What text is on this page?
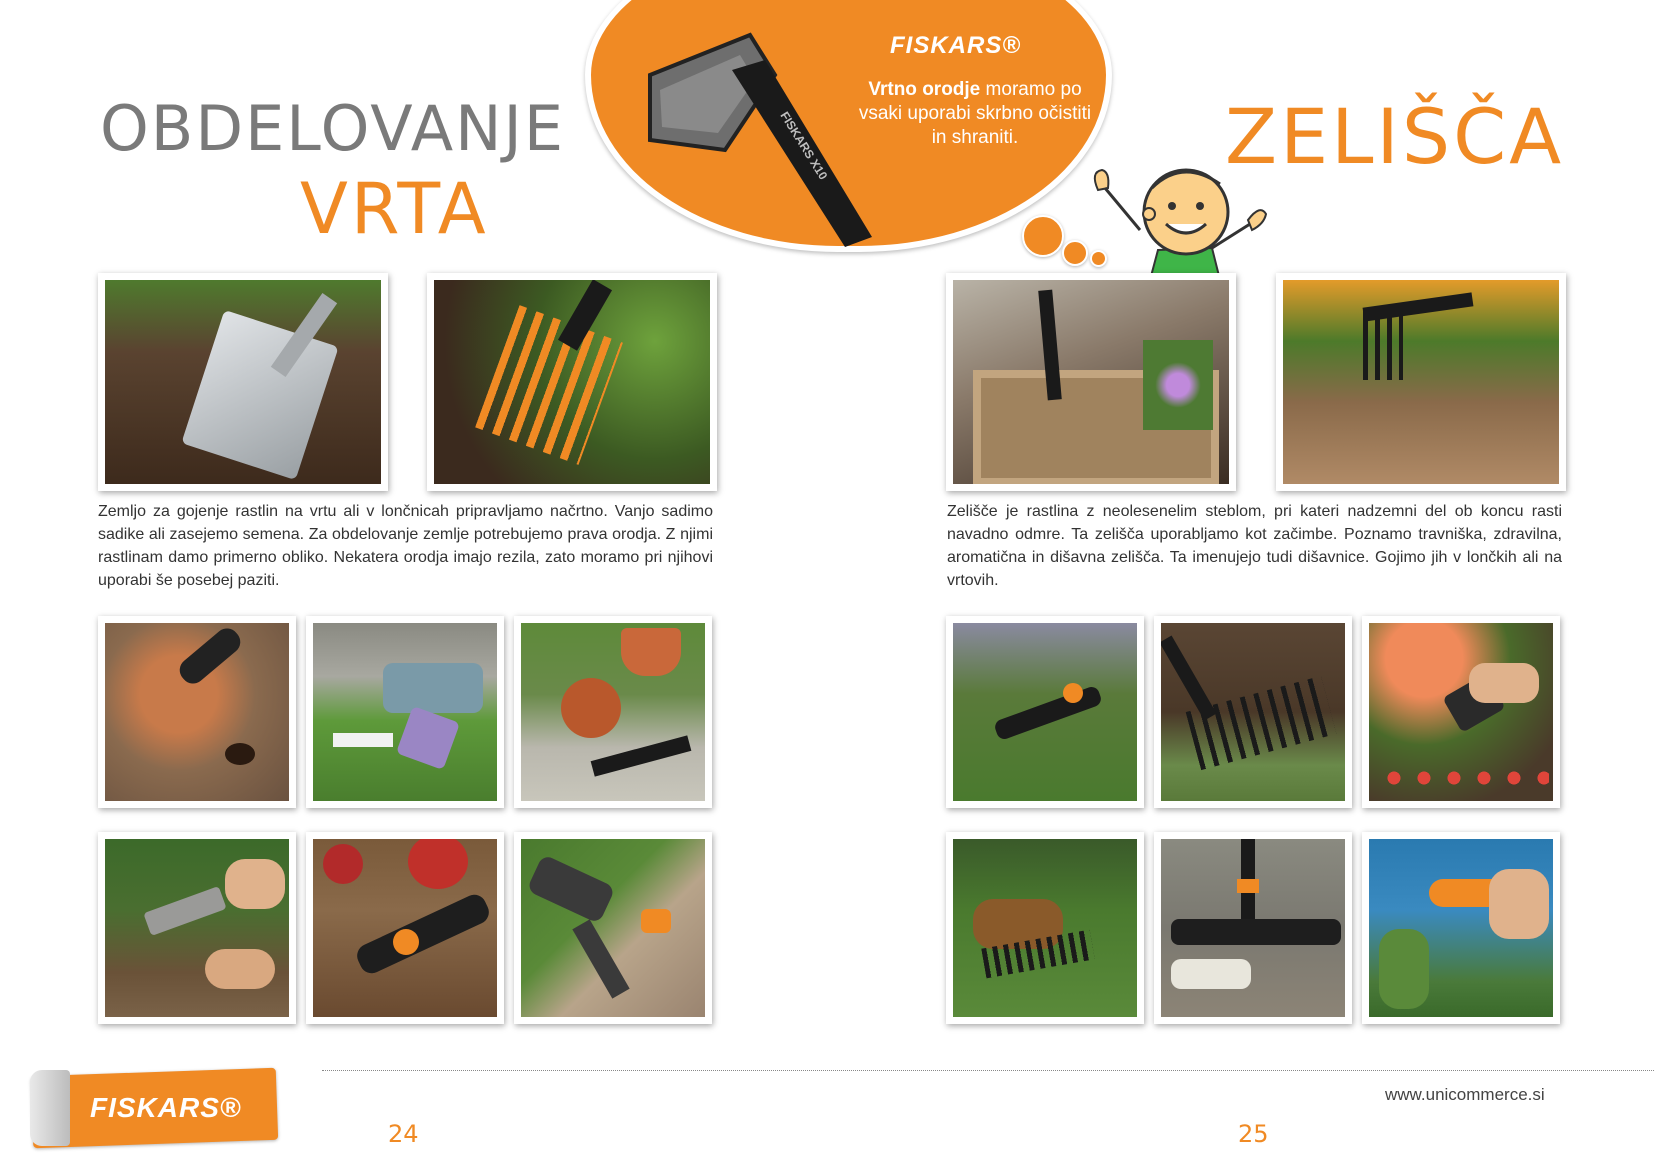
OBDELOVANJE
VRTA
ZELIŠČA
FISKARS X10
FISKARS®
Vrtno orodje moramo po vsaki uporabi skrbno očistiti in shraniti.
Zemljo za gojenje rastlin na vrtu ali v lončnicah pripravljamo načrtno. Vanjo sadimo sadike ali zasejemo semena. Za obdelovanje zemlje potrebujemo prava orodja. Z njimi rastlinam damo primerno obliko. Nekatera orodja imajo rezila, zato moramo pri njihovi uporabi še posebej paziti.
Zelišče je rastlina z neolesenelim steblom, pri kateri nadzemni del ob koncu rasti navadno odmre. Ta zelišča uporabljamo kot začimbe. Poznamo travniška, zdravilna, aromatična in dišavna zelišča. Ta imenujejo tudi dišavnice. Gojimo jih v lončkih ali na vrtovih.
FISKARS®	www.unicommerce.si
24	25
